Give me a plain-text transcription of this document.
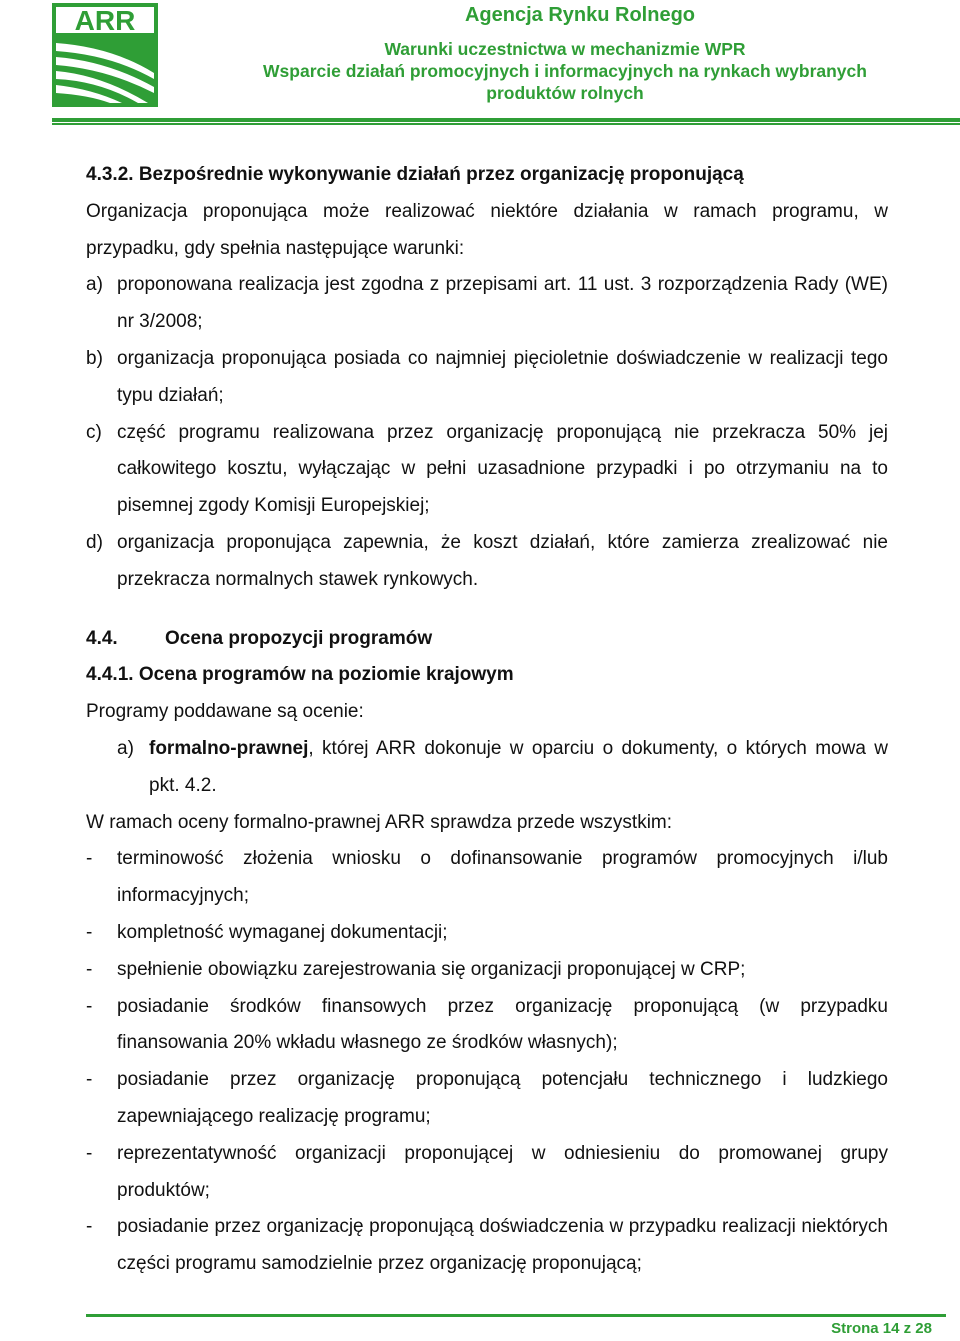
ARR	Agencja Rynku Rolnego
Warunki uczestnictwa w mechanizmie WPR
Wsparcie działań promocyjnych i informacyjnych na rynkach wybranych
produktów rolnych

4.3.2. Bezpośrednie wykonywanie działań przez organizację proponującą

Organizacja proponująca może realizować niektóre działania w ramach programu, w przypadku, gdy spełnia następujące warunki:

a) proponowana realizacja jest zgodna z przepisami art. 11 ust. 3 rozporządzenia Rady (WE) nr 3/2008;
b) organizacja proponująca posiada co najmniej pięcioletnie doświadczenie w realizacji tego typu działań;
c) część programu realizowana przez organizację proponującą nie przekracza 50% jej całkowitego kosztu, wyłączając w pełni uzasadnione przypadki i po otrzymaniu na to pisemnej zgody Komisji Europejskiej;
d) organizacja proponująca zapewnia, że koszt działań, które zamierza zrealizować nie przekracza normalnych stawek rynkowych.

4.4.	Ocena propozycji programów

4.4.1. Ocena programów na poziomie krajowym

Programy poddawane są ocenie:

a) formalno-prawnej, której ARR dokonuje w oparciu o dokumenty, o których mowa w pkt. 4.2.

W ramach oceny formalno-prawnej ARR sprawdza przede wszystkim:

- terminowość złożenia wniosku o dofinansowanie programów promocyjnych i/lub informacyjnych;
- kompletność wymaganej dokumentacji;
- spełnienie obowiązku zarejestrowania się organizacji proponującej w CRP;
- posiadanie środków finansowych przez organizację proponującą (w przypadku finansowania 20% wkładu własnego ze środków własnych);
- posiadanie przez organizację proponującą potencjału technicznego i ludzkiego zapewniającego realizację programu;
- reprezentatywność organizacji proponującej w odniesieniu do promowanej grupy produktów;
- posiadanie przez organizację proponującą doświadczenia w przypadku realizacji niektórych części programu samodzielnie przez organizację proponującą;
Strona 14 z 28
